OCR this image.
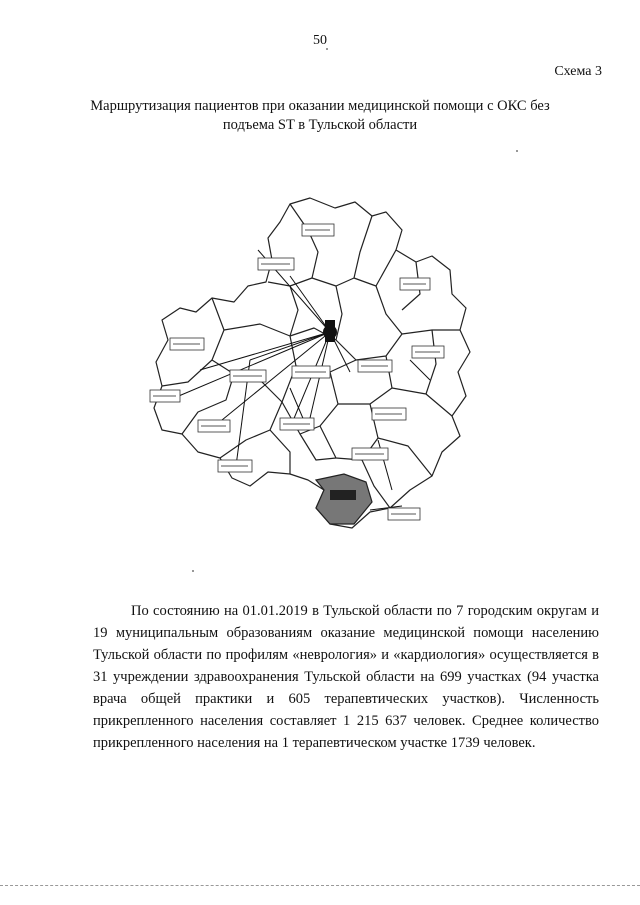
50
Схема 3
Маршрутизация пациентов при оказании медицинской помощи с ОКС без
подъема ST в Тульской области

По состоянию на 01.01.2019 в Тульской области по 7 городским округам и 19 муниципальным образованиям оказание медицинской помощи населению Тульской области по профилям «неврология» и «кардиология» осуществляется в 31 учреждении здравоохранения Тульской области на 699 участках (94 участка врача общей практики и 605 терапевтических участков). Численность прикрепленного населения составляет 1 215 637 человек. Среднее количество прикрепленного населения на 1 терапевтическом участке 1739 человек.
